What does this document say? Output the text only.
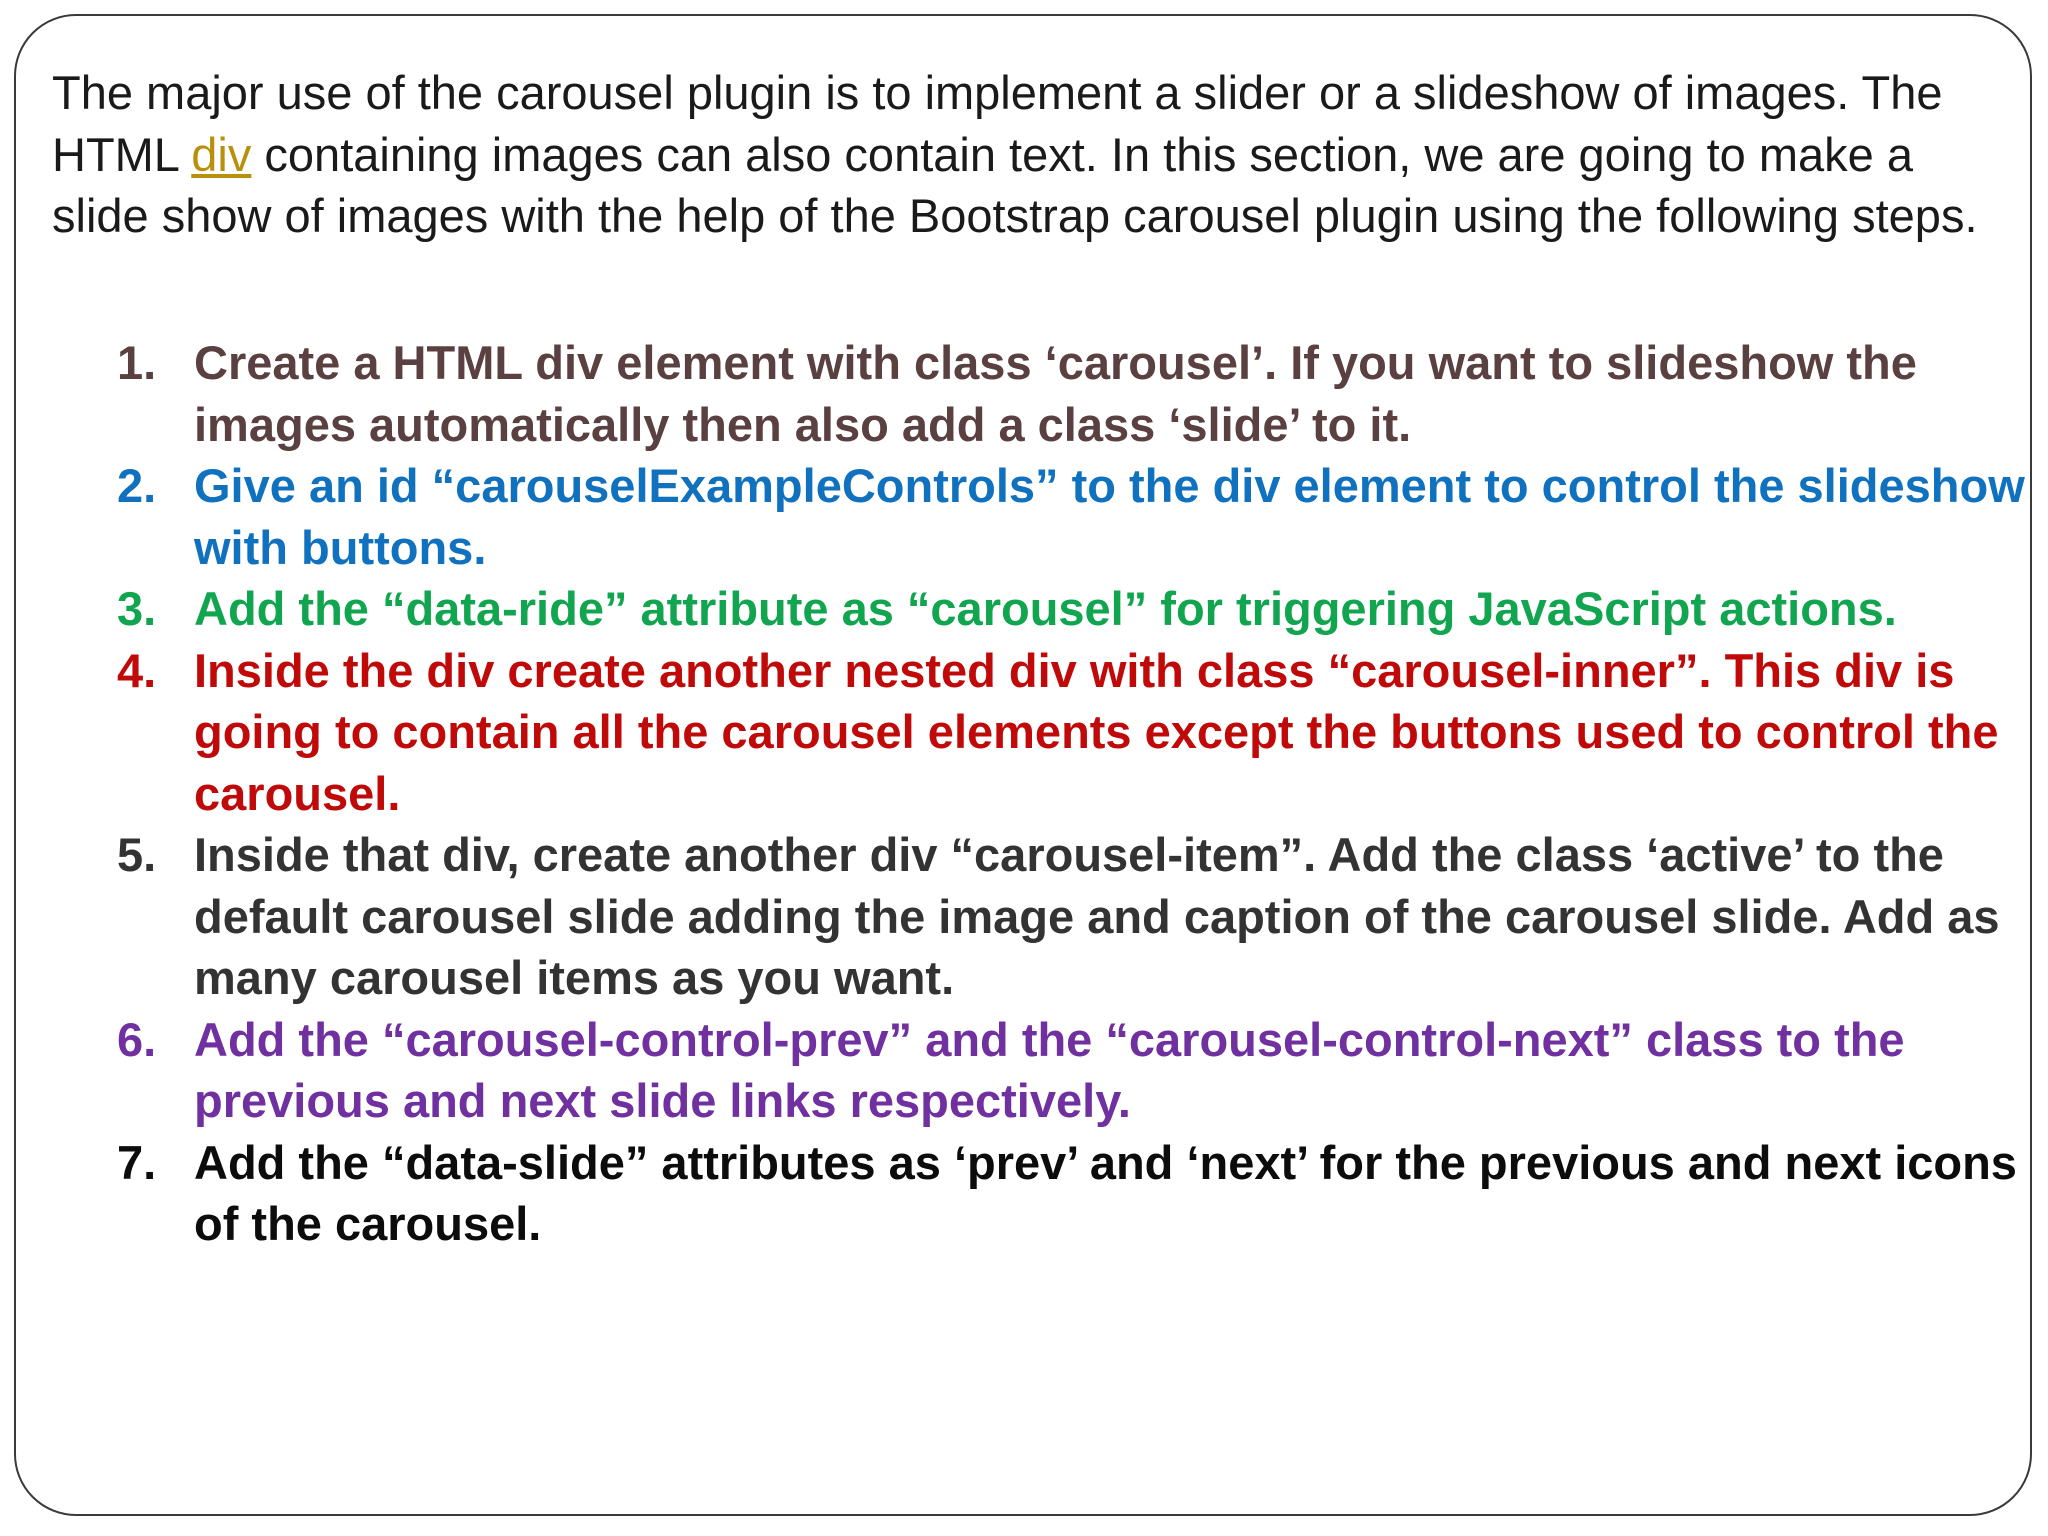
The major use of the carousel plugin is to implement a slider or a slideshow of images. The HTML div containing images can also contain text. In this section, we are going to make a slide show of images with the help of the Bootstrap carousel plugin using the following steps.

1. Create a HTML div element with class ‘carousel’. If you want to slideshow the images automatically then also add a class ‘slide’ to it.
2. Give an id “carouselExampleControls” to the div element to control the slideshow with buttons.
3. Add the “data-ride” attribute as “carousel” for triggering JavaScript actions.
4. Inside the div create another nested div with class “carousel-inner”. This div is going to contain all the carousel elements except the buttons used to control the carousel.
5. Inside that div, create another div “carousel-item”. Add the class ‘active’ to the default carousel slide adding the image and caption of the carousel slide. Add as many carousel items as you want.
6. Add the “carousel-control-prev” and the “carousel-control-next” class to the previous and next slide links respectively.
7. Add the “data-slide” attributes as ‘prev’ and ‘next’ for the previous and next icons of the carousel.
